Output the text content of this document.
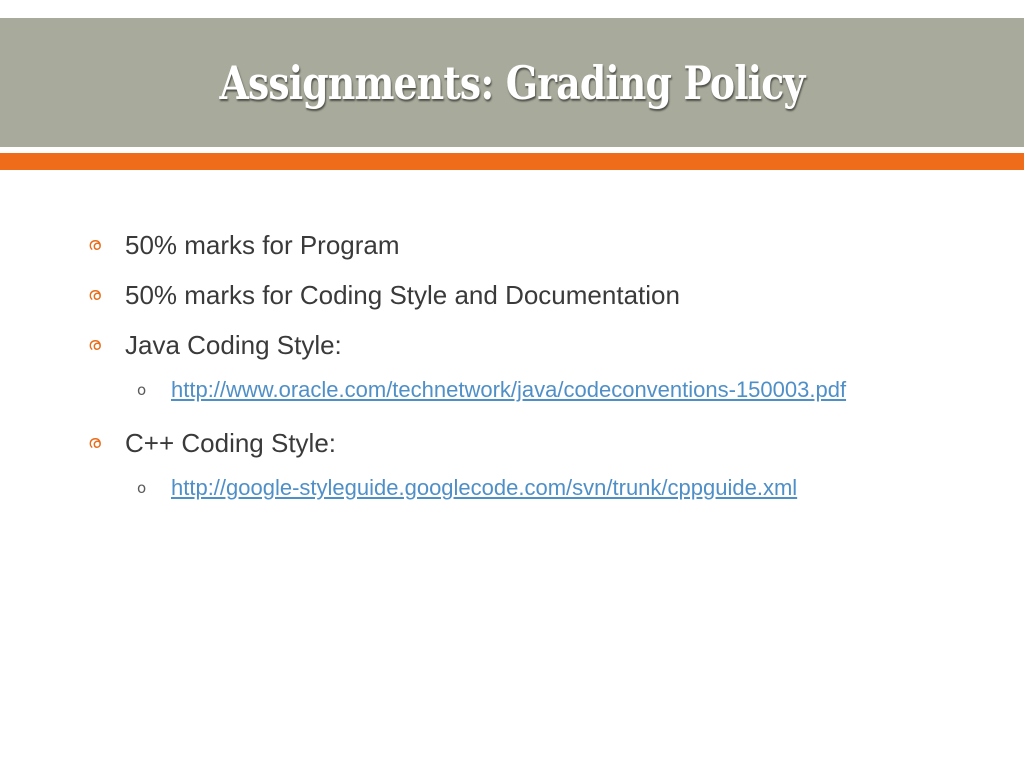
Assignments: Grading Policy
ര 50% marks for Program
ര 50% marks for Coding Style and Documentation
ര Java Coding Style:
o	http://www.oracle.com/technetwork/java/codeconventions-150003.pdf
ര C++ Coding Style:
o	http://google-styleguide.googlecode.com/svn/trunk/cppguide.xml
